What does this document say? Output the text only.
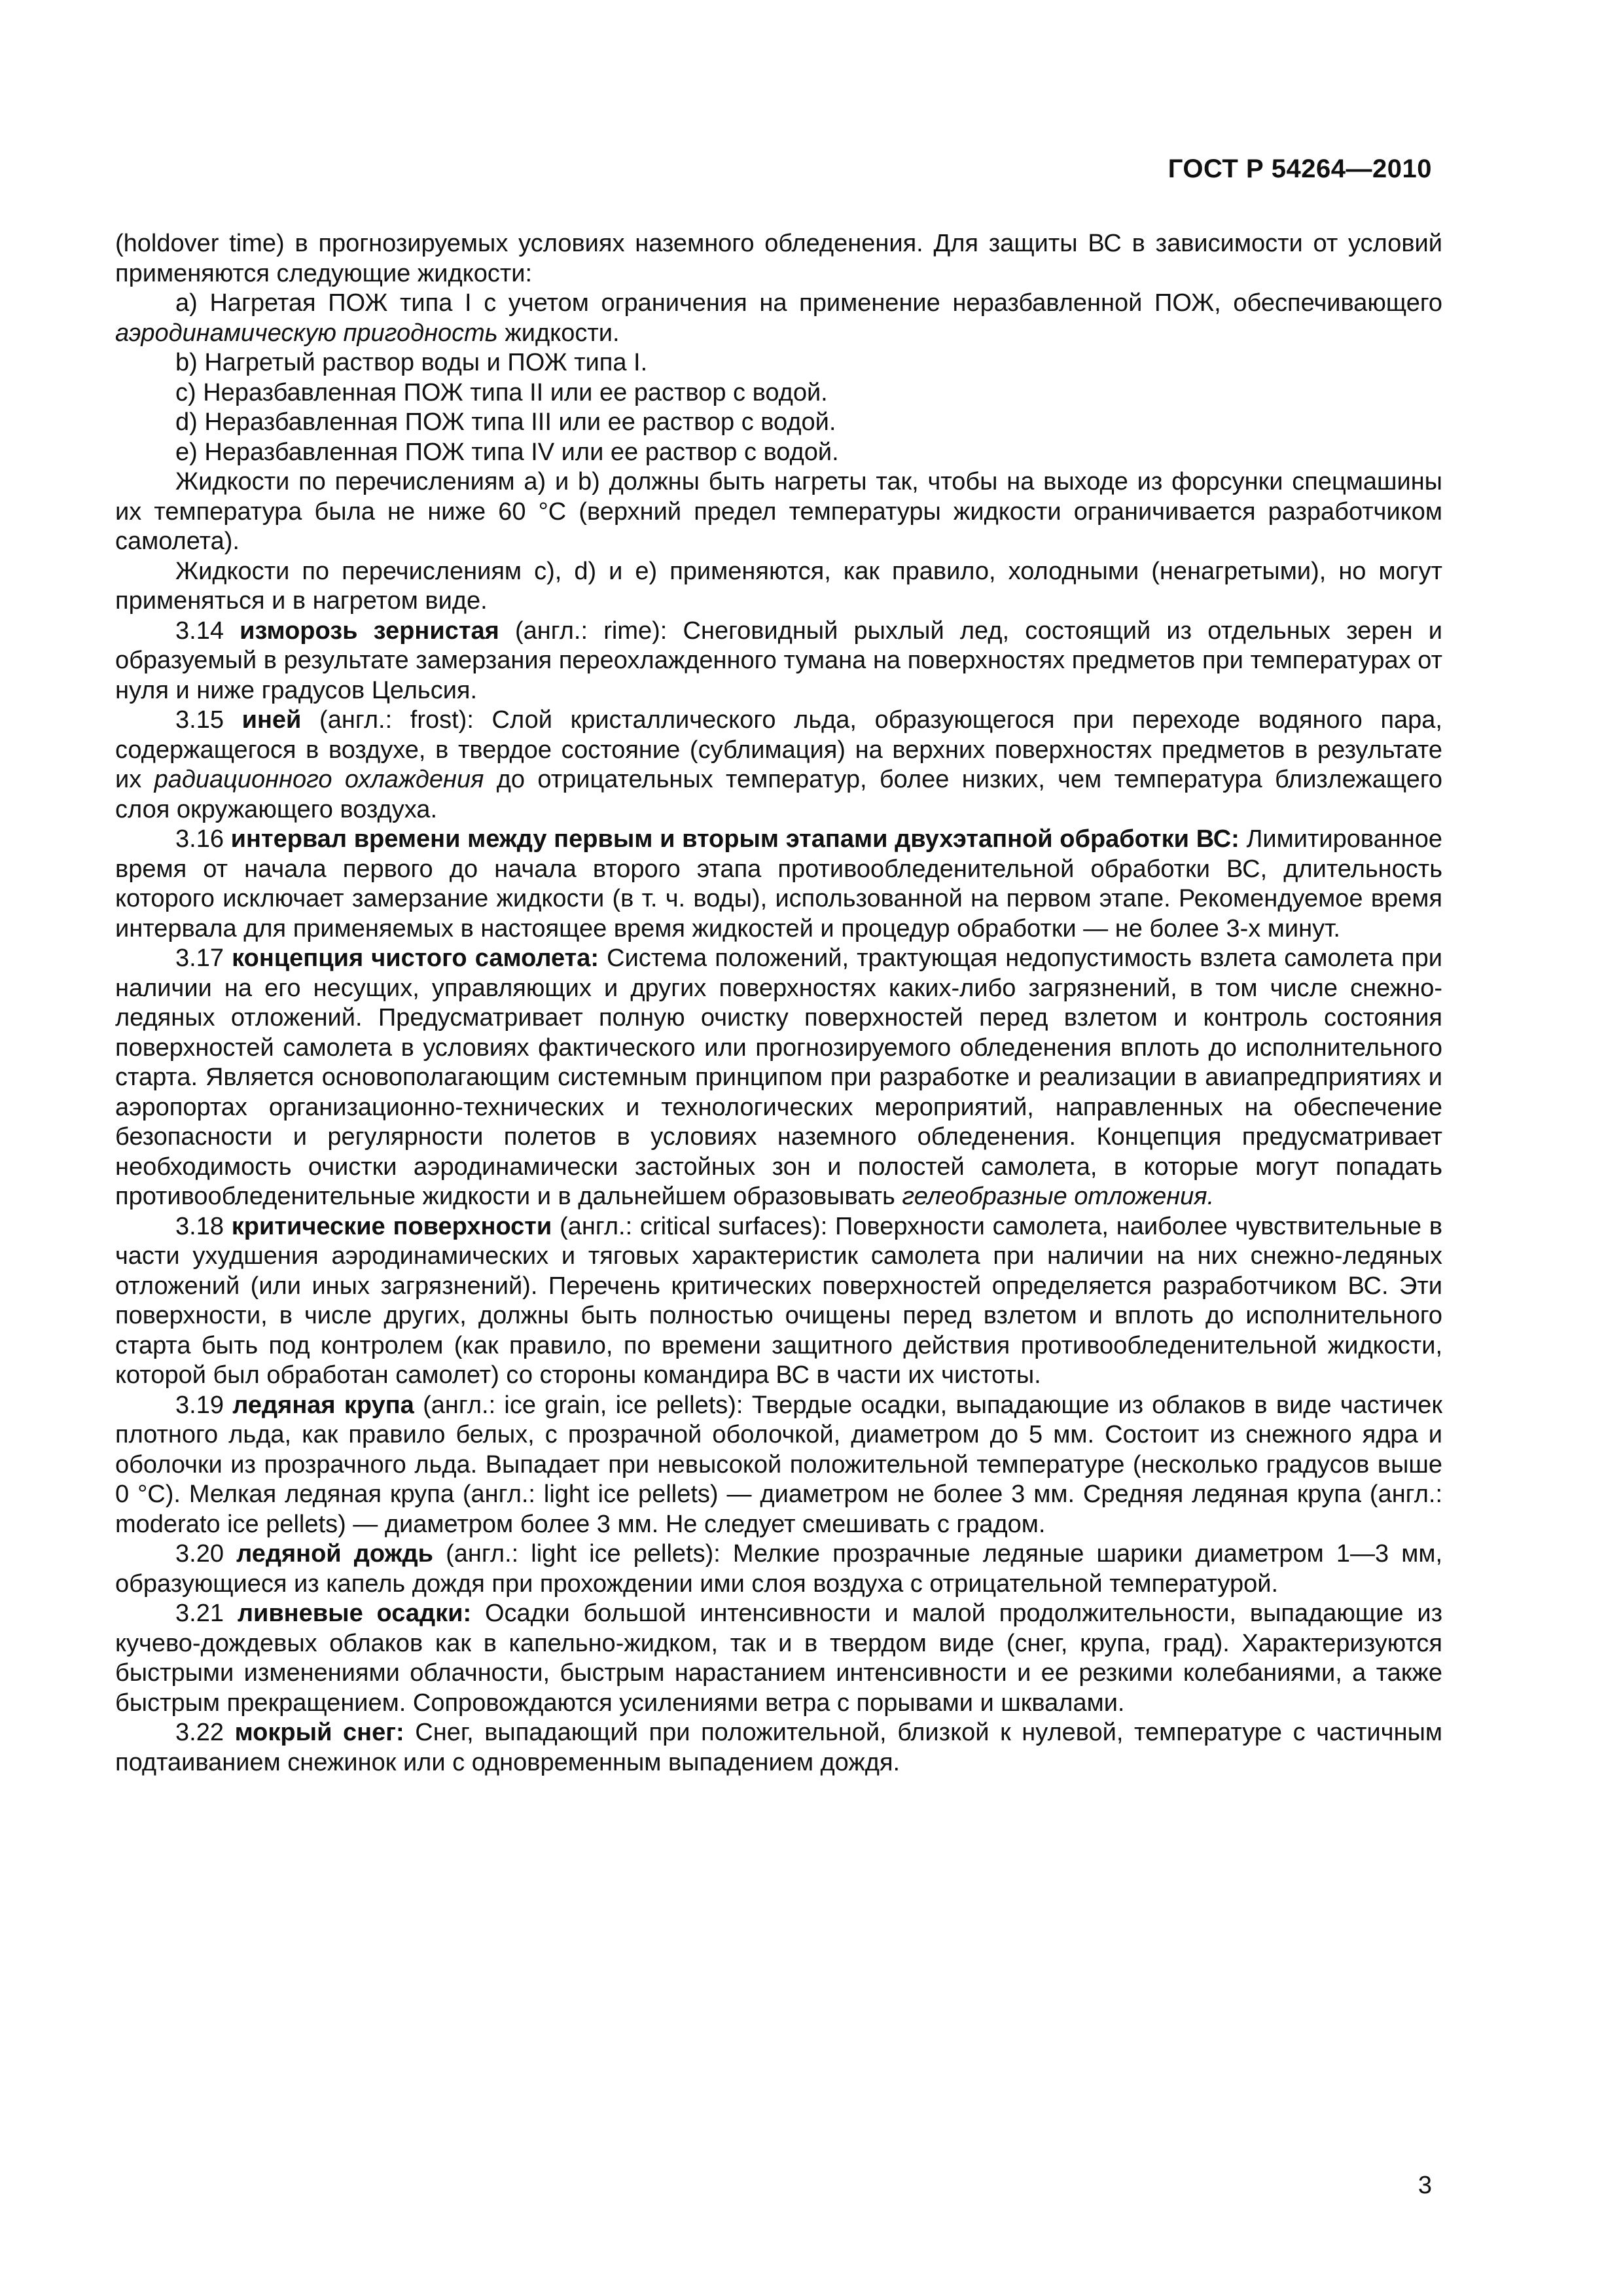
ГОСТ Р 54264—2010

(holdover time) в прогнозируемых условиях наземного обледенения. Для защиты ВС в зависимости от условий применяются следующие жидкости:

a) Нагретая ПОЖ типа I с учетом ограничения на применение неразбавленной ПОЖ, обеспечивающего аэродинамическую пригодность жидкости.

b) Нагретый раствор воды и ПОЖ типа I.

c) Неразбавленная ПОЖ типа II или ее раствор с водой.

d) Неразбавленная ПОЖ типа III или ее раствор с водой.

e) Неразбавленная ПОЖ типа IV или ее раствор с водой.

Жидкости по перечислениям a) и b) должны быть нагреты так, чтобы на выходе из форсунки спецмашины их температура была не ниже 60 °С (верхний предел температуры жидкости ограничивается разработчиком самолета).

Жидкости по перечислениям c), d) и e) применяются, как правило, холодными (ненагретыми), но могут применяться и в нагретом виде.

3.14 изморозь зернистая (англ.: rime): Снеговидный рыхлый лед, состоящий из отдельных зерен и образуемый в результате замерзания переохлажденного тумана на поверхностях предметов при температурах от нуля и ниже градусов Цельсия.

3.15 иней (англ.: frost): Слой кристаллического льда, образующегося при переходе водяного пара, содержащегося в воздухе, в твердое состояние (сублимация) на верхних поверхностях предметов в результате их радиационного охлаждения до отрицательных температур, более низких, чем температура близлежащего слоя окружающего воздуха.

3.16 интервал времени между первым и вторым этапами двухэтапной обработки ВС: Лимитированное время от начала первого до начала второго этапа противообледенительной обработки ВС, длительность которого исключает замерзание жидкости (в т. ч. воды), использованной на первом этапе. Рекомендуемое время интервала для применяемых в настоящее время жидкостей и процедур обработки — не более 3-х минут.

3.17 концепция чистого самолета: Система положений, трактующая недопустимость взлета самолета при наличии на его несущих, управляющих и других поверхностях каких-либо загрязнений, в том числе снежно-ледяных отложений. Предусматривает полную очистку поверхностей перед взлетом и контроль состояния поверхностей самолета в условиях фактического или прогнозируемого обледенения вплоть до исполнительного старта. Является основополагающим системным принципом при разработке и реализации в авиапредприятиях и аэропортах организационно-технических и технологических мероприятий, направленных на обеспечение безопасности и регулярности полетов в условиях наземного обледенения. Концепция предусматривает необходимость очистки аэродинамически застойных зон и полостей самолета, в которые могут попадать противообледенительные жидкости и в дальнейшем образовывать гелеобразные отложения.

3.18 критические поверхности (англ.: critical surfaces): Поверхности самолета, наиболее чувствительные в части ухудшения аэродинамических и тяговых характеристик самолета при наличии на них снежно-ледяных отложений (или иных загрязнений). Перечень критических поверхностей определяется разработчиком ВС. Эти поверхности, в числе других, должны быть полностью очищены перед взлетом и вплоть до исполнительного старта быть под контролем (как правило, по времени защитного действия противообледенительной жидкости, которой был обработан самолет) со стороны командира ВС в части их чистоты.

3.19 ледяная крупа (англ.: ice grain, ice pellets): Твердые осадки, выпадающие из облаков в виде частичек плотного льда, как правило белых, с прозрачной оболочкой, диаметром до 5 мм. Состоит из снежного ядра и оболочки из прозрачного льда. Выпадает при невысокой положительной температуре (несколько градусов выше 0 °С). Мелкая ледяная крупа (англ.: light ice pellets) — диаметром не более 3 мм. Средняя ледяная крупа (англ.: moderato ice pellets) — диаметром более 3 мм. Не следует смешивать с градом.

3.20 ледяной дождь (англ.: light ice pellets): Мелкие прозрачные ледяные шарики диаметром 1—3 мм, образующиеся из капель дождя при прохождении ими слоя воздуха с отрицательной температурой.

3.21 ливневые осадки: Осадки большой интенсивности и малой продолжительности, выпадающие из кучево-дождевых облаков как в капельно-жидком, так и в твердом виде (снег, крупа, град). Характеризуются быстрыми изменениями облачности, быстрым нарастанием интенсивности и ее резкими колебаниями, а также быстрым прекращением. Сопровождаются усилениями ветра с порывами и шквалами.

3.22 мокрый снег: Снег, выпадающий при положительной, близкой к нулевой, температуре с частичным подтаиванием снежинок или с одновременным выпадением дождя.

3
